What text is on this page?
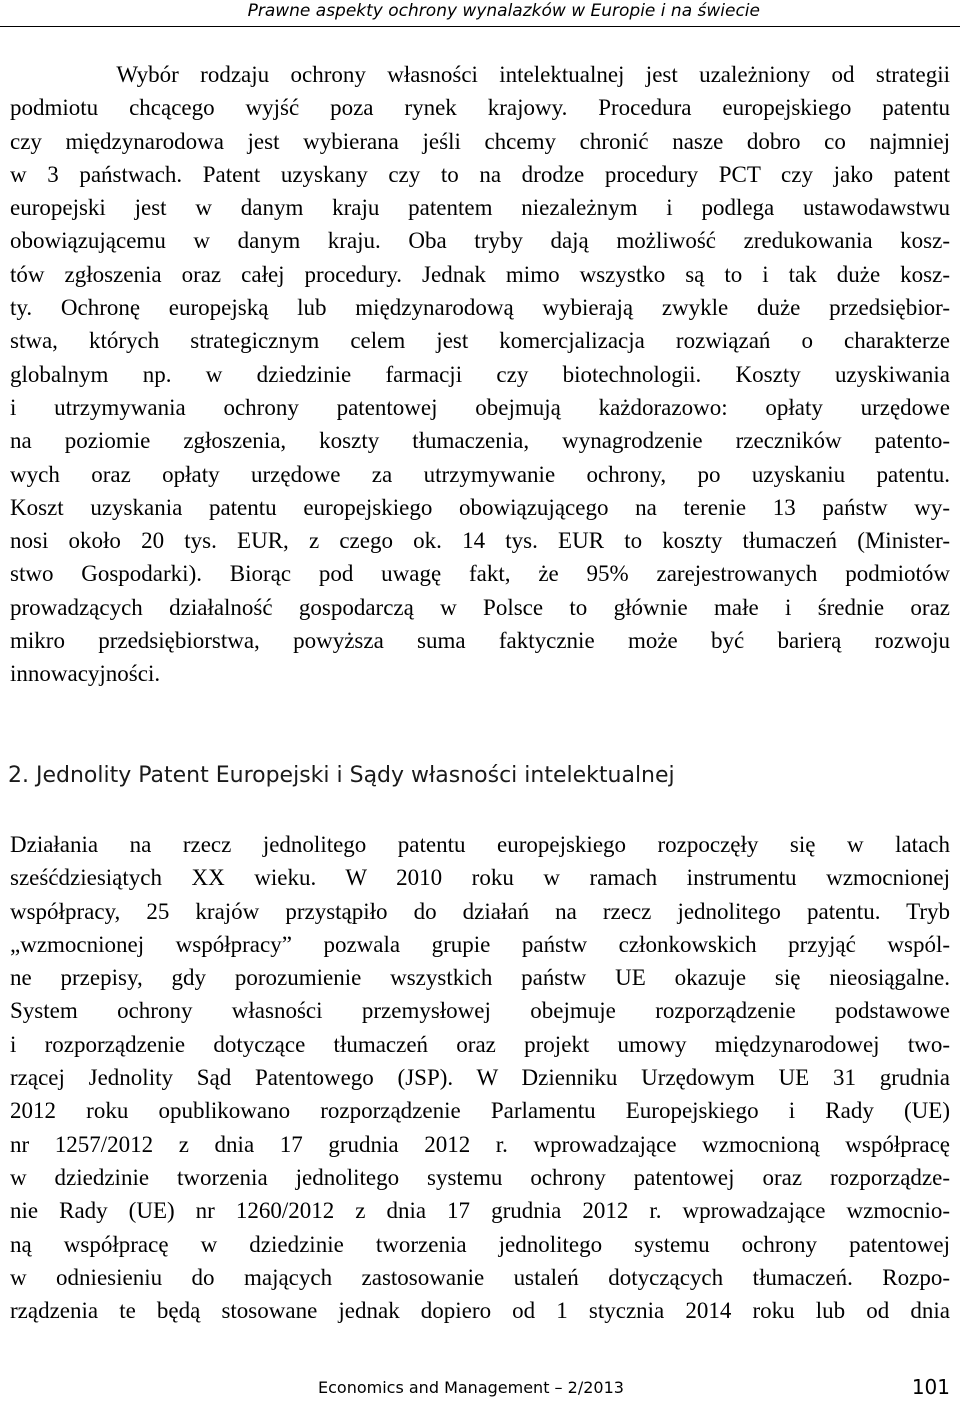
Prawne aspekty ochrony wynalazków w Europie i na świecie
Wybór rodzaju ochrony własności intelektualnej jest uzależniony od strategii
podmiotu chcącego wyjść poza rynek krajowy. Procedura europejskiego patentu
czy międzynarodowa jest wybierana jeśli chcemy chronić nasze dobro co najmniej
w 3 państwach. Patent uzyskany czy to na drodze procedury PCT czy jako patent
europejski jest w danym kraju patentem niezależnym i podlega ustawodawstwu
obowiązującemu w danym kraju. Oba tryby dają możliwość zredukowania kosz-
tów zgłoszenia oraz całej procedury. Jednak mimo wszystko są to i tak duże kosz-
ty. Ochronę europejską lub międzynarodową wybierają zwykle duże przedsiębior-
stwa, których strategicznym celem jest komercjalizacja rozwiązań o charakterze
globalnym np. w dziedzinie farmacji czy biotechnologii. Koszty uzyskiwania
i utrzymywania ochrony patentowej obejmują każdorazowo: opłaty urzędowe
na poziomie zgłoszenia, koszty tłumaczenia, wynagrodzenie rzeczników patento-
wych oraz opłaty urzędowe za utrzymywanie ochrony, po uzyskaniu patentu.
Koszt uzyskania patentu europejskiego obowiązującego na terenie 13 państw wy-
nosi około 20 tys. EUR, z czego ok. 14 tys. EUR to koszty tłumaczeń (Minister-
stwo Gospodarki). Biorąc pod uwagę fakt, że 95% zarejestrowanych podmiotów
prowadzących działalność gospodarczą w Polsce to głównie małe i średnie oraz
mikro przedsiębiorstwa, powyższa suma faktycznie może być barierą rozwoju
innowacyjności.
2. Jednolity Patent Europejski i Sądy własności intelektualnej
Działania na rzecz jednolitego patentu europejskiego rozpoczęły się w latach
sześćdziesiątych XX wieku. W 2010 roku w ramach instrumentu wzmocnionej
współpracy, 25 krajów przystąpiło do działań na rzecz jednolitego patentu. Tryb
„wzmocnionej współpracy” pozwala grupie państw członkowskich przyjąć wspól-
ne przepisy, gdy porozumienie wszystkich państw UE okazuje się nieosiągalne.
System ochrony własności przemysłowej obejmuje rozporządzenie podstawowe
i rozporządzenie dotyczące tłumaczeń oraz projekt umowy międzynarodowej two-
rzącej Jednolity Sąd Patentowego (JSP). W Dzienniku Urzędowym UE 31 grudnia
2012 roku opublikowano rozporządzenie Parlamentu Europejskiego i Rady (UE)
nr 1257/2012 z dnia 17 grudnia 2012 r. wprowadzające wzmocnioną współpracę
w dziedzinie tworzenia jednolitego systemu ochrony patentowej oraz rozporządze-
nie Rady (UE) nr 1260/2012 z dnia 17 grudnia 2012 r. wprowadzające wzmocnio-
ną współpracę w dziedzinie tworzenia jednolitego systemu ochrony patentowej
w odniesieniu do mających zastosowanie ustaleń dotyczących tłumaczeń. Rozpo-
rządzenia te będą stosowane jednak dopiero od 1 stycznia 2014 roku lub od dnia
Economics and Management – 2/2013	101
